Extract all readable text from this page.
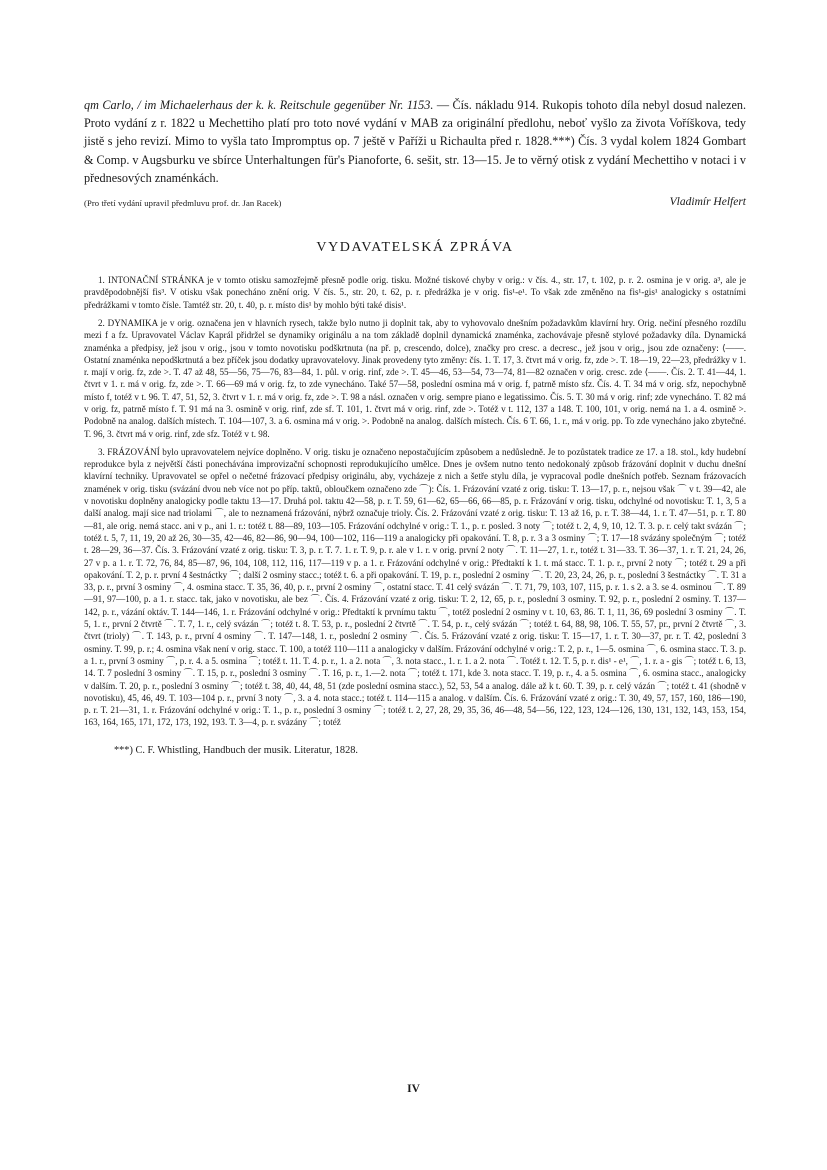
qm Carlo, / im Michaelerhaus der k. k. Reitschule gegenüber Nr. 1153. — Čís. nákladu 914. Rukopis tohoto díla nebyl dosud nalezen. Proto vydání z r. 1822 u Mechettiho platí pro toto nové vydání v MAB za originální předlohu, neboť vyšlo za života Voříškova, tedy jistě s jeho revizí. Mimo to vyšla tato Impromptus op. 7 ještě v Paříži u Richaulta před r. 1828.***) Čís. 3 vydal kolem 1824 Gombart & Comp. v Augsburku ve sbírce Unterhaltungen für's Pianoforte, 6. sešit, str. 13—15. Je to věrný otisk z vydání Mechettiho v notaci i v přednesových znaménkách.

(Pro třetí vydání upravil předmluvu prof. dr. Jan Racek)	Vladimír Helfert
VYDAVATELSKÁ ZPRÁVA

1. INTONAČNÍ STRÁNKA je v tomto otisku samozřejmě přesně podle orig. tisku. Možné tiskové chyby v orig.: v čís. 4., str. 17, t. 102, p. r. 2. osmina je v orig. a³, ale je pravděpodobnější fis³. V otisku však ponecháno znění orig. V čís. 5., str. 20, t. 62, p. r. předrážka je v orig. fis¹-e¹. To však zde změněno na fis¹-gis¹ analogicky s ostatními předrážkami v tomto čísle. Tamtéž str. 20, t. 40, p. r. místo dis¹ by mohlo býti také disis¹.

2. DYNAMIKA je v orig. označena jen v hlavních rysech, takže bylo nutno ji doplnit tak, aby to vyhovovalo dnešním požadavkům klavírní hry. Orig. nečiní přesného rozdílu mezi f a fz. Upravovatel Václav Kaprál přidržel se dynamiky originálu a na tom základě doplnil dynamická znaménka, zachovávaje přesně stylové požadavky díla. Dynamická znaménka a předpisy, jež jsou v orig., jsou v tomto novotisku podškrtnuta (na př. p, crescendo, dolce), značky pro cresc. a decresc., jež jsou v orig., jsou zde označeny: ⟨——. Ostatní znaménka nepodškrtnutá a bez příček jsou dodatky upravovatelovy. Jinak provedeny tyto změny: čís. 1. T. 17, 3. čtvrt má v orig. fz, zde >. T. 18—19, 22—23, předrážky v 1. r. mají v orig. fz, zde >. T. 47 až 48, 55—56, 75—76, 83—84, 1. půl. v orig. rinf, zde >. T. 45—46, 53—54, 73—74, 81—82 označen v orig. cresc. zde ⟨——. Čís. 2. T. 41—44, 1. čtvrt v 1. r. má v orig. fz, zde >. T. 66—69 má v orig. fz, to zde vynecháno. Také 57—58, poslední osmina má v orig. f, patrně místo sfz. Čís. 4. T. 34 má v orig. sfz, nepochybně místo f, totéž v t. 96. T. 47, 51, 52, 3. čtvrt v 1. r. má v orig. fz, zde >. T. 98 a násl. označen v orig. sempre piano e legatissimo. Čís. 5. T. 30 má v orig. rinf; zde vynecháno. T. 82 má v orig. fz, patrně místo f. T. 91 má na 3. osmině v orig. rinf, zde sf. T. 101, 1. čtvrt má v orig. rinf, zde >. Totéž v t. 112, 137 a 148. T. 100, 101, v orig. nemá na 1. a 4. osmině >. Podobně na analog. dalších místech. T. 104—107, 3. a 6. osmina má v orig. >. Podobně na analog. dalších místech. Čís. 6 T. 66, 1. r., má v orig. pp. To zde vynecháno jako zbytečné. T. 96, 3. čtvrt má v orig. rinf, zde sfz. Totéž v t. 98.

3. FRÁZOVÁNÍ bylo upravovatelem nejvíce doplněno. V orig. tisku je označeno nepostačujícím způsobem a nedůsledně. Je to pozůstatek tradice ze 17. a 18. stol., kdy hudební reprodukce byla z největší části ponechávána improvizační schopnosti reprodukujícího umělce. Dnes je ovšem nutno tento nedokonalý způsob frázování doplnit v duchu dnešní klavírní techniky. Upravovatel se opřel o nečetné frázovací předpisy originálu, aby, vycházeje z nich a šetře stylu díla, je vypracoval podle dnešních potřeb. Seznam frázovacích znamének v orig. tisku (svázání dvou neb více not po příp. taktů, obloučkem označeno zde ⌒): Čís. 1. Frázování vzaté z orig. tisku: T. 13—17, p. r., nejsou však ⌒ v t. 39—42, ale v novotisku doplněny analogicky podle taktu 13—17. Druhá pol. taktu 42—58, p. r. T. 59, 61—62, 65—66, 66—85, p. r. Frázování v orig. tisku, odchylné od novotisku: T. 1, 3, 5 a další analog. mají sice nad triolami ⌒, ale to neznamená frázování, nýbrž označuje trioly. Čís. 2. Frázování vzaté z orig. tisku: T. 13 až 16, p. r. T. 38—44, 1. r. T. 47—51, p. r. T. 80—81, ale orig. nemá stacc. ani v p., ani 1. r.: totéž t. 88—89, 103—105. Frázování odchylné v orig.: T. 1., p. r. posled. 3 noty ⌒; totéž t. 2, 4, 9, 10, 12. T. 3. p. r. celý takt svázán ⌒; totéž t. 5, 7, 11, 19, 20 až 26, 30—35, 42—46, 82—86, 90—94, 100—102, 116—119 a analogicky při opakování. T. 8, p. r. 3 a 3 osminy ⌒; T. 17—18 svázány společným ⌒; totéž t. 28—29, 36—37. Čís. 3. Frázování vzaté z orig. tisku: T. 3, p. r. T. 7. 1. r. T. 9, p. r. ale v 1. r. v orig. první 2 noty ⌒. T. 11—27, 1. r., totéž t. 31—33. T. 36—37, 1. r. T. 21, 24, 26, 27 v p. a 1. r. T. 72, 76, 84, 85—87, 96, 104, 108, 112, 116, 117—119 v p. a 1. r. Frázování odchylné v orig.: Předtaktí k 1. t. má stacc. T. 1. p. r., první 2 noty ⌒; totéž t. 29 a při opakování. T. 2, p. r. první 4 šestnáctky ⌒; další 2 osminy stacc.; totéž t. 6. a při opakování. T. 19, p. r., poslední 2 osminy ⌒. T. 20, 23, 24, 26, p. r., poslední 3 šestnáctky ⌒. T. 31 a 33, p. r., první 3 osminy ⌒, 4. osmina stacc. T. 35, 36, 40, p. r., první 2 osminy ⌒, ostatní stacc. T. 41 celý svázán ⌒. T. 71, 79, 103, 107, 115, p. r. 1. s 2. a 3. se 4. osminou ⌒. T. 89—91, 97—100, p. a 1. r. stacc. tak, jako v novotisku, ale bez ⌒. Čís. 4. Frázování vzaté z orig. tisku: T. 2, 12, 65, p. r., poslední 3 osminy. T. 92, p. r., poslední 2 osminy. T. 137—142, p. r., vázání oktáv. T. 144—146, 1. r. Frázování odchylné v orig.: Předtaktí k prvnímu taktu ⌒, totéž poslední 2 osminy v t. 10, 63, 86. T. 1, 11, 36, 69 poslední 3 osminy ⌒. T. 5, 1. r., první 2 čtvrtě ⌒. T. 7, 1. r., celý svázán ⌒; totéž t. 8. T. 53, p. r., poslední 2 čtvrtě ⌒. T. 54, p. r., celý svázán ⌒; totéž t. 64, 88, 98, 106. T. 55, 57, pr., první 2 čtvrtě ⌒, 3. čtvrt (trioly) ⌒. T. 143, p. r., první 4 osminy ⌒. T. 147—148, 1. r., poslední 2 osminy ⌒. Čís. 5. Frázování vzaté z orig. tisku: T. 15—17, 1. r. T. 30—37, pr. r. T. 42, poslední 3 osminy. T. 99, p. r.; 4. osmina však není v orig. stacc. T. 100, a totéž 110—111 a analogicky v dalším. Frázování odchylné v orig.: T. 2, p. r., 1—5. osmina ⌒, 6. osmina stacc. T. 3. p. a 1. r., první 3 osminy ⌒, p. r. 4. a 5. osmina ⌒; totéž t. 11. T. 4. p. r., 1. a 2. nota ⌒, 3. nota stacc., 1. r. 1. a 2. nota ⌒. Totéž t. 12. T. 5, p. r. dis¹ - e¹, ⌒, 1. r. a - gis ⌒; totéž t. 6, 13, 14. T. 7 poslední 3 osminy ⌒. T. 15, p. r., poslední 3 osminy ⌒. T. 16, p. r., 1.—2. nota ⌒; totéž t. 171, kde 3. nota stacc. T. 19, p. r., 4. a 5. osmina ⌒, 6. osmina stacc., analogicky v dalším. T. 20, p. r., poslední 3 osminy ⌒; totéž t. 38, 40, 44, 48, 51 (zde poslední osmina stacc.), 52, 53, 54 a analog. dále až k t. 60. T. 39, p. r. celý vázán ⌒; totéž t. 41 (shodně v novotisku), 45, 46, 49. T. 103—104 p. r., první 3 noty ⌒, 3. a 4. nota stacc.; totéž t. 114—115 a analog. v dalším. Čís. 6. Frázování vzaté z orig.: T. 30, 49, 57, 157, 160, 186—190, p. r. T. 21—31, 1. r. Frázování odchylné v orig.: T. 1., p. r., poslední 3 osminy ⌒; totéž t. 2, 27, 28, 29, 35, 36, 46—48, 54—56, 122, 123, 124—126, 130, 131, 132, 143, 153, 154, 163, 164, 165, 171, 172, 173, 192, 193. T. 3—4, p. r. svázány ⌒; totéž

***) C. F. Whistling, Handbuch der musik. Literatur, 1828.
IV
